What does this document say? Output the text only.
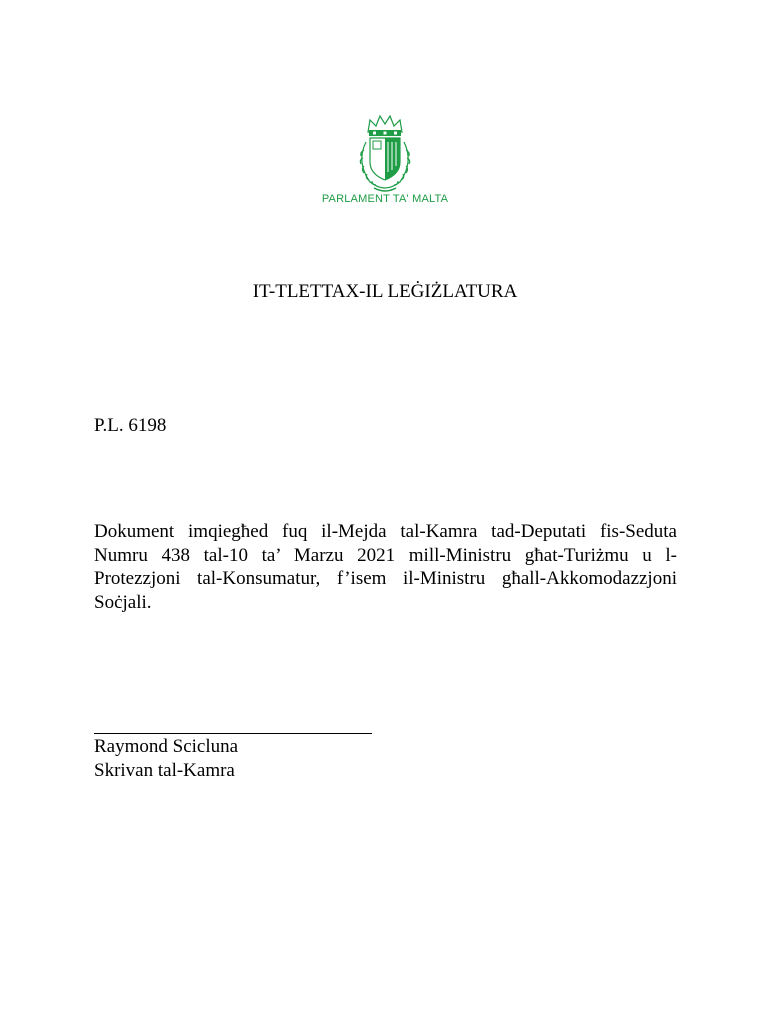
PARLAMENT TA' MALTA
IT-TLETTAX-IL LEĠIŻLATURA
P.L. 6198
Dokument imqiegħed fuq il-Mejda tal-Kamra tad-Deputati fis-Seduta Numru 438 tal-10 ta’ Marzu 2021 mill-Ministru għat-Turiżmu u l-Protezzjoni tal-Konsumatur, f’isem il-Ministru għall-Akkomodazzjoni Soċjali.
Raymond Scicluna
Skrivan tal-Kamra
